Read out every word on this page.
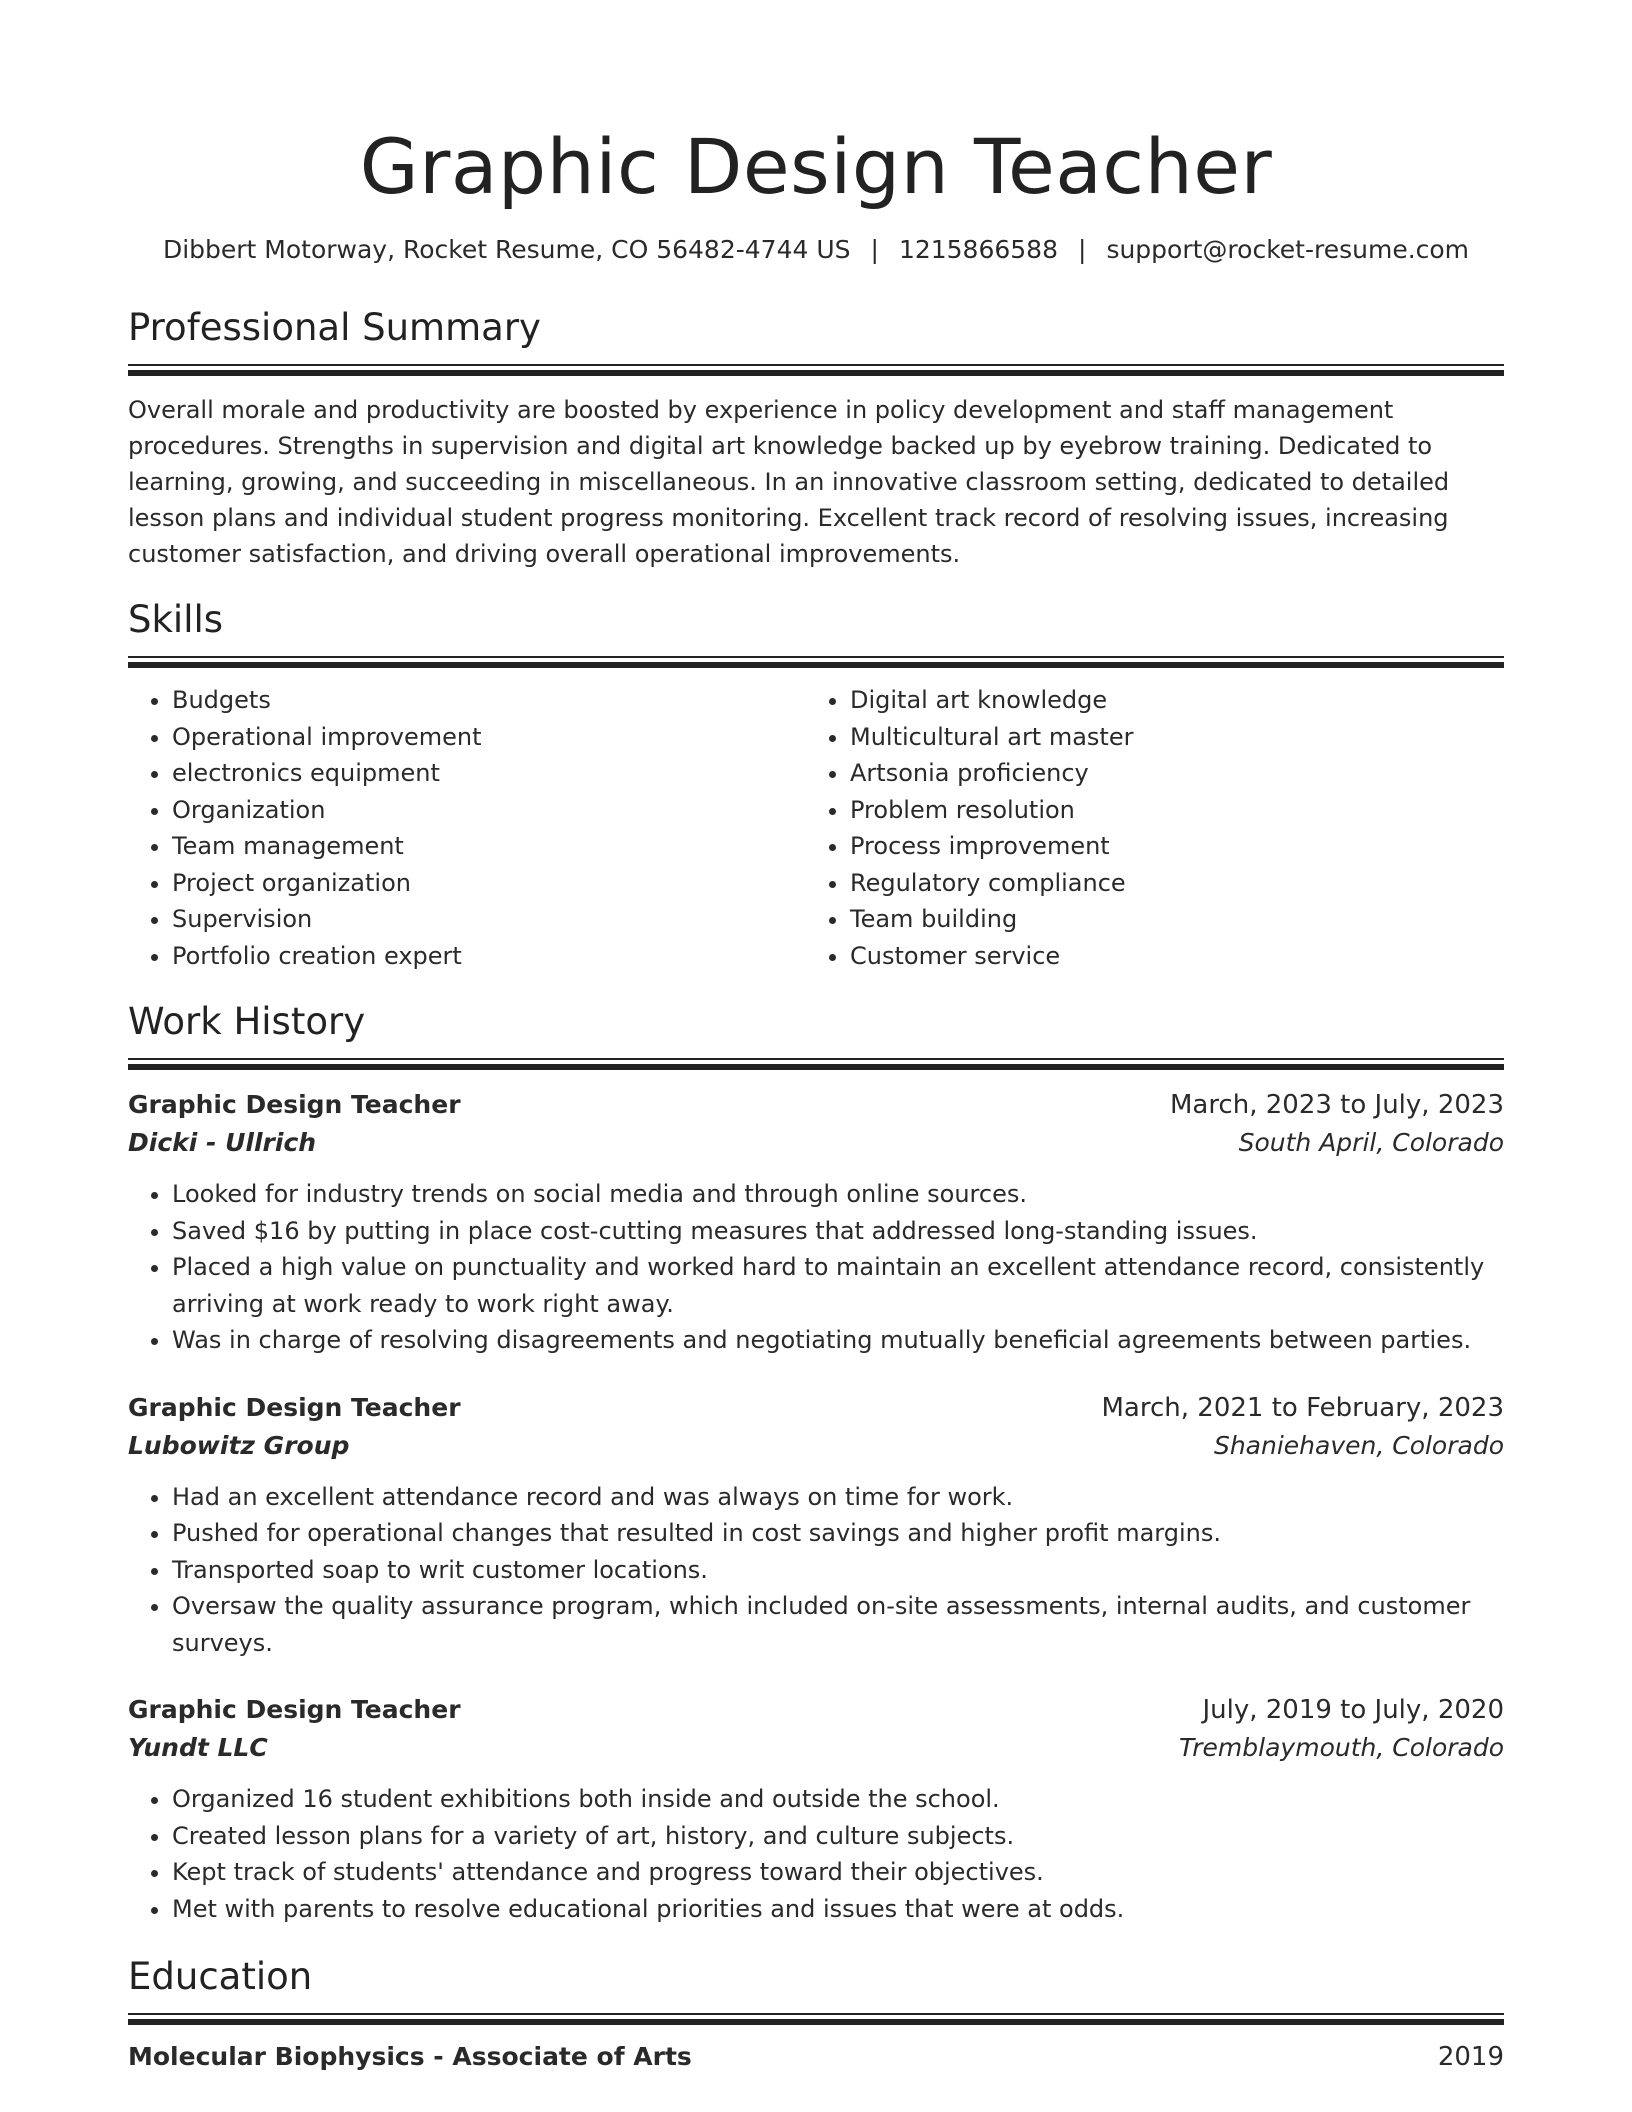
Graphic Design Teacher
Dibbert Motorway, Rocket Resume, CO 56482-4744 US | 1215866588 | support@rocket-resume.com
Professional Summary
Overall morale and productivity are boosted by experience in policy development and staff management procedures. Strengths in supervision and digital art knowledge backed up by eyebrow training. Dedicated to learning, growing, and succeeding in miscellaneous. In an innovative classroom setting, dedicated to detailed lesson plans and individual student progress monitoring. Excellent track record of resolving issues, increasing customer satisfaction, and driving overall operational improvements.
Skills
• Budgets
• Operational improvement
• electronics equipment
• Organization
• Team management
• Project organization
• Supervision
• Portfolio creation expert
• Digital art knowledge
• Multicultural art master
• Artsonia proficiency
• Problem resolution
• Process improvement
• Regulatory compliance
• Team building
• Customer service
Work History
Graphic Design Teacher	March, 2023 to July, 2023
Dicki - Ullrich	South April, Colorado
• Looked for industry trends on social media and through online sources.
• Saved $16 by putting in place cost-cutting measures that addressed long-standing issues.
• Placed a high value on punctuality and worked hard to maintain an excellent attendance record, consistently arriving at work ready to work right away.
• Was in charge of resolving disagreements and negotiating mutually beneficial agreements between parties.
Graphic Design Teacher	March, 2021 to February, 2023
Lubowitz Group	Shaniehaven, Colorado
• Had an excellent attendance record and was always on time for work.
• Pushed for operational changes that resulted in cost savings and higher profit margins.
• Transported soap to writ customer locations.
• Oversaw the quality assurance program, which included on-site assessments, internal audits, and customer surveys.
Graphic Design Teacher	July, 2019 to July, 2020
Yundt LLC	Tremblaymouth, Colorado
• Organized 16 student exhibitions both inside and outside the school.
• Created lesson plans for a variety of art, history, and culture subjects.
• Kept track of students' attendance and progress toward their objectives.
• Met with parents to resolve educational priorities and issues that were at odds.
Education
Molecular Biophysics - Associate of Arts	2019
